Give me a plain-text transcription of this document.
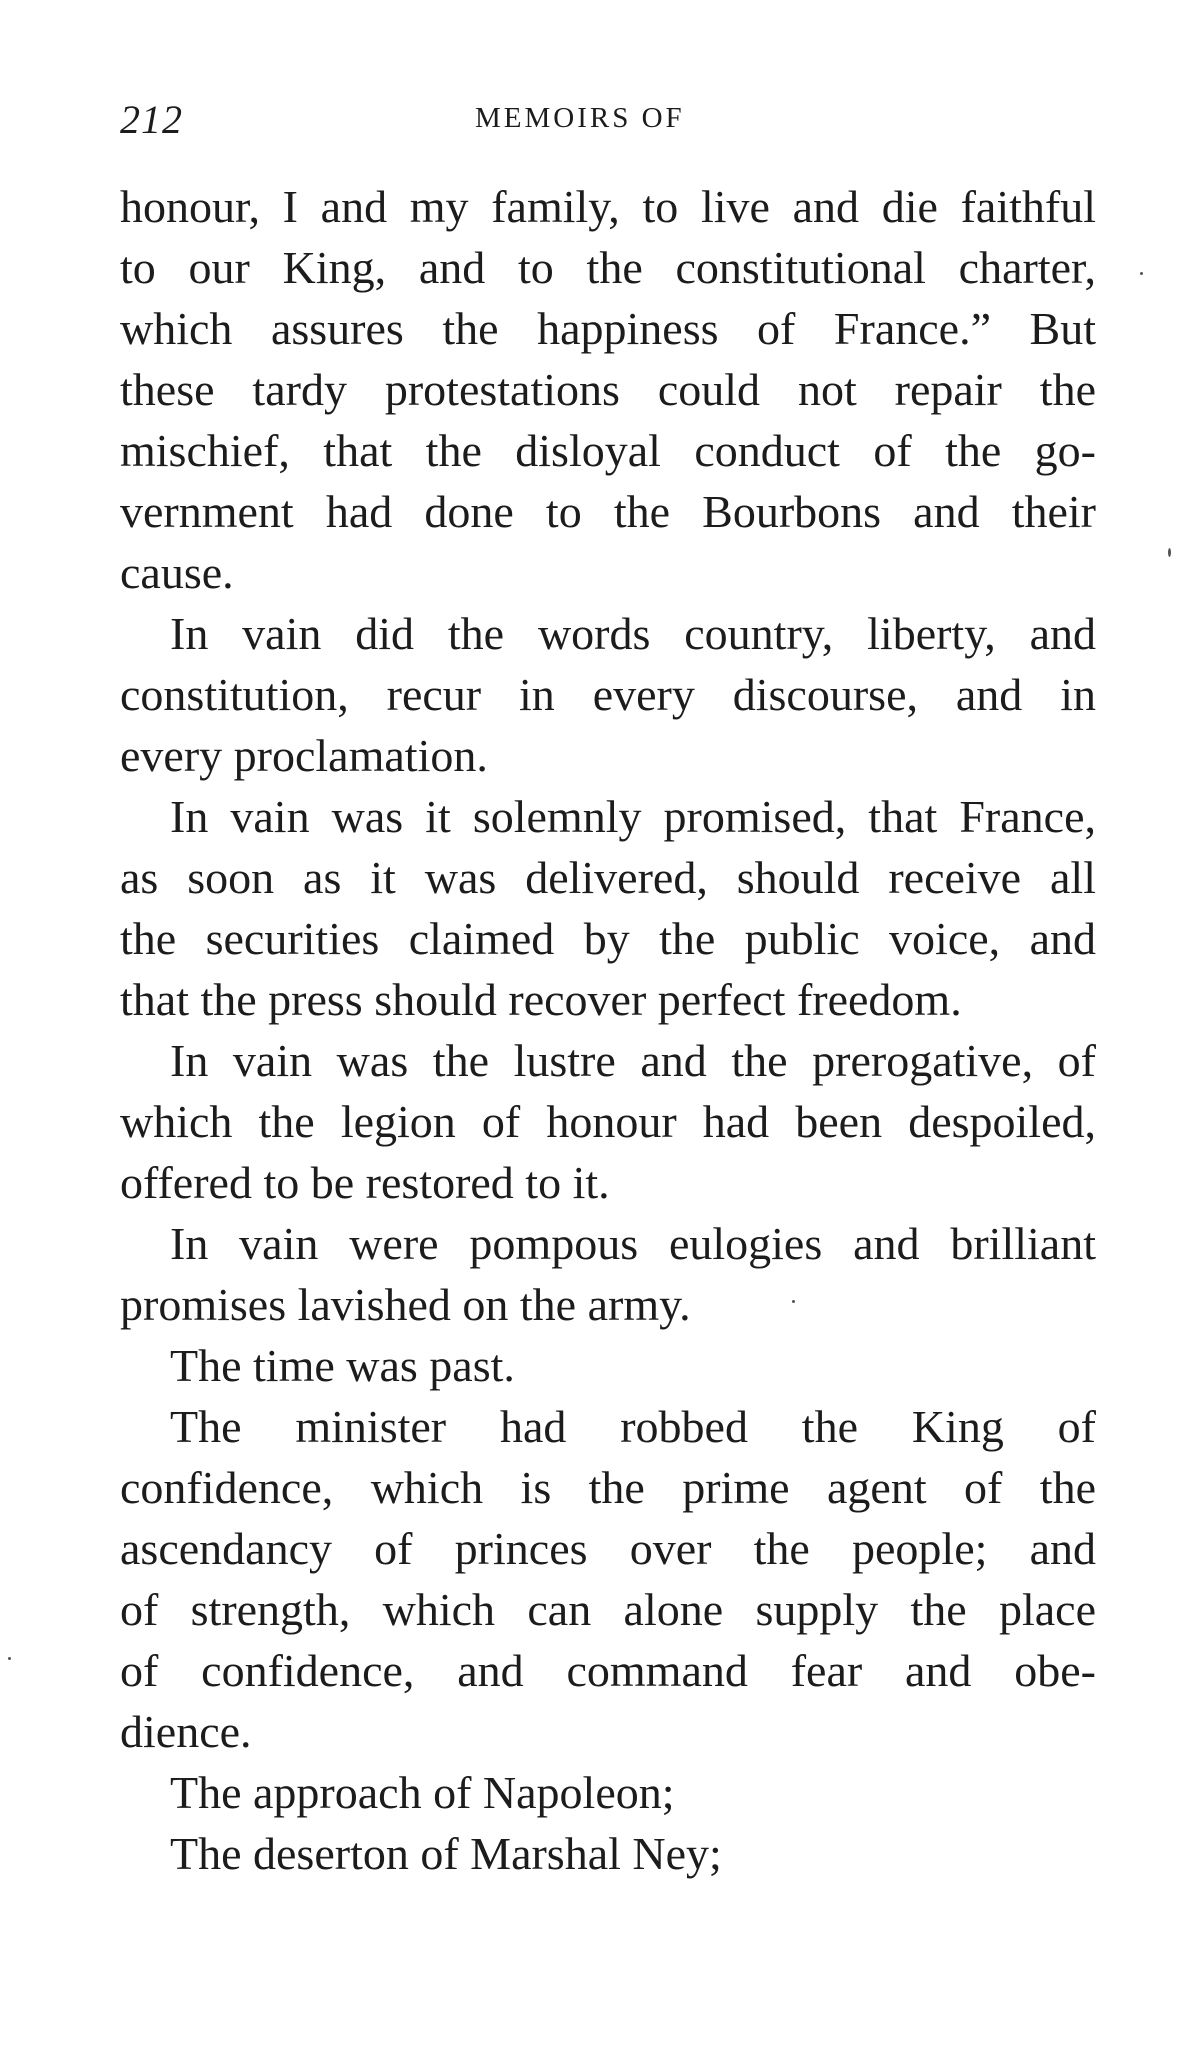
212	MEMOIRS OF
honour, I and my family, to live and die faithful
to our King, and to the constitutional charter,
which assures the happiness of France.” But
these tardy protestations could not repair the
mischief, that the disloyal conduct of the go-
vernment had done to the Bourbons and their
cause.
In vain did the words country, liberty, and
constitution, recur in every discourse, and in
every proclamation.
In vain was it solemnly promised, that France,
as soon as it was delivered, should receive all
the securities claimed by the public voice, and
that the press should recover perfect freedom.
In vain was the lustre and the prerogative, of
which the legion of honour had been despoiled,
offered to be restored to it.
In vain were pompous eulogies and brilliant
promises lavished on the army.
The time was past.
The minister had robbed the King of
confidence, which is the prime agent of the
ascendancy of princes over the people; and
of strength, which can alone supply the place
of confidence, and command fear and obe-
dience.
The approach of Napoleon;
The deserton of Marshal Ney;
